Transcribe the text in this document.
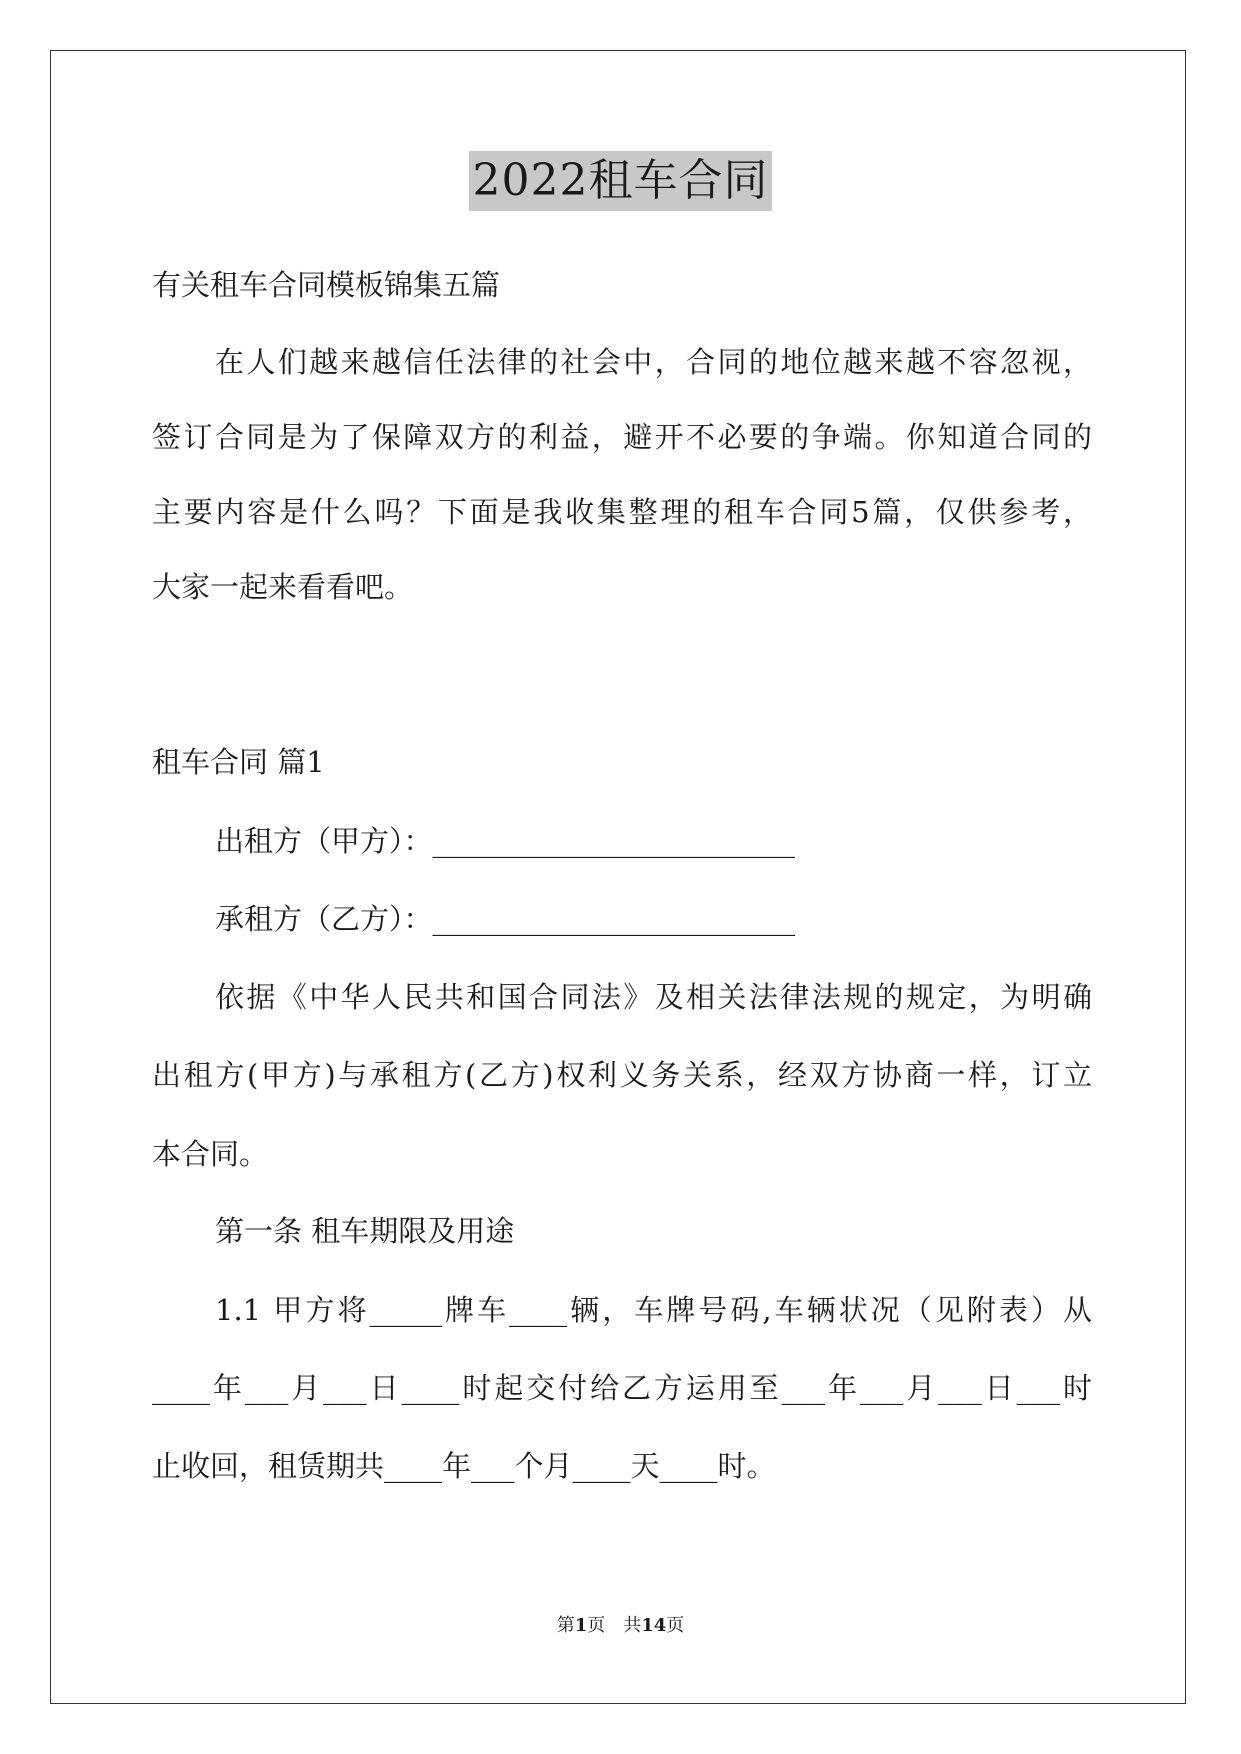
2022租车合同
有关租车合同模板锦集五篇
在人们越来越信任法律的社会中，合同的地位越来越不容忽视，
签订合同是为了保障双方的利益，避开不必要的争端。你知道合同的
主要内容是什么吗？下面是我收集整理的租车合同5篇，仅供参考，
大家一起来看看吧。
租车合同 篇1
出租方（甲方）：_________________________
承租方（乙方）：_________________________
依据《中华人民共和国合同法》及相关法律法规的规定，为明确
出租方(甲方)与承租方(乙方)权利义务关系，经双方协商一样，订立
本合同。
第一条 租车期限及用途
1.1 甲方将_____牌车____辆，车牌号码,车辆状况（见附表）从
____年___月___日____时起交付给乙方运用至___年___月___日___时
止收回，租赁期共____年___个月____天____时。
第1页　共14页
